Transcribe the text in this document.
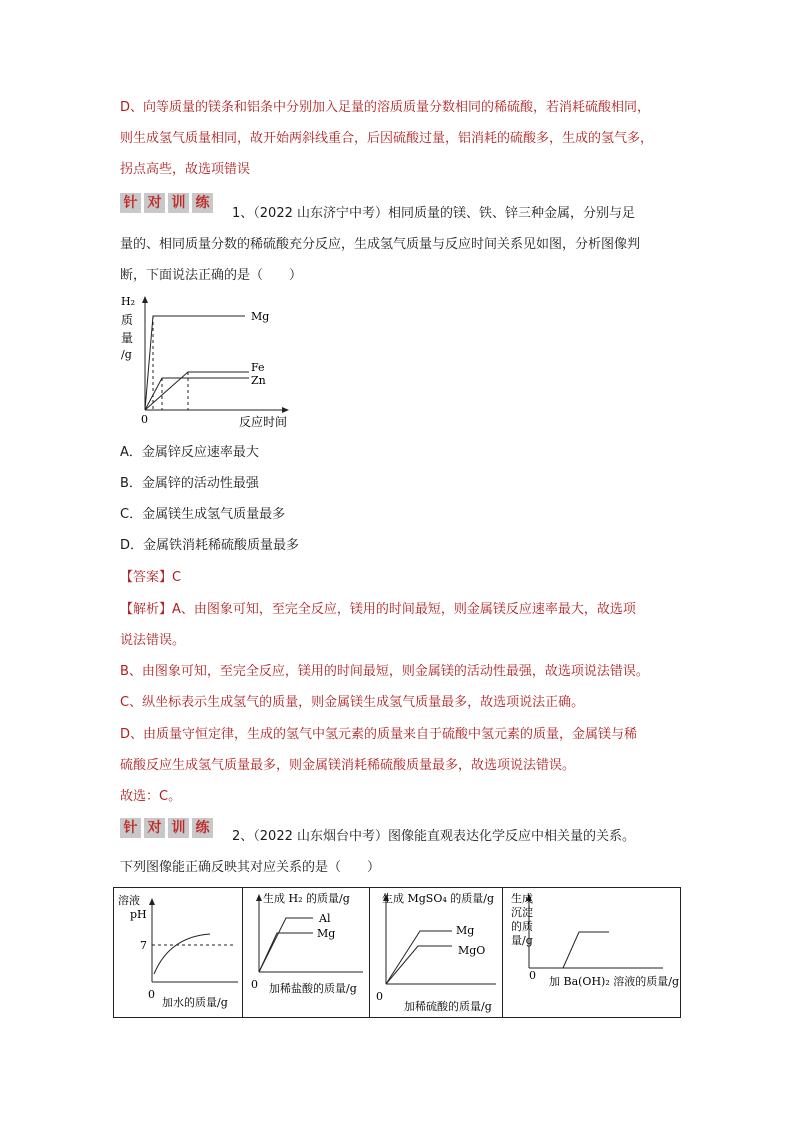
D、向等质量的镁条和铝条中分别加入足量的溶质质量分数相同的稀硫酸，若消耗硫酸相同，
则生成氢气质量相同，故开始两斜线重合，后因硫酸过量，铝消耗的硫酸多，生成的氢气多，
拐点高些，故选项错误
针 对 训 练
1、（2022 山东济宁中考）相同质量的镁、铁、锌三种金属，分别与足
量的、相同质量分数的稀硫酸充分反应，生成氢气质量与反应时间关系见如图，分析图像判
断，下面说法正确的是（　　）
H₂
质
量
/g
Mg
Fe
Zn
0	反应时间
A．金属锌反应速率最大
B．金属锌的活动性最强
C．金属镁生成氢气质量最多
D．金属铁消耗稀硫酸质量最多
【答案】C
【解析】A、由图象可知，至完全反应，镁用的时间最短，则金属镁反应速率最大，故选项
说法错误。
B、由图象可知，至完全反应，镁用的时间最短，则金属镁的活动性最强，故选项说法错误。
C、纵坐标表示生成氢气的质量，则金属镁生成氢气质量最多，故选项说法正确。
D、由质量守恒定律，生成的氢气中氢元素的质量来自于硫酸中氢元素的质量，金属镁与稀
硫酸反应生成氢气质量最多，则金属镁消耗稀硫酸质量最多，故选项说法错误。
故选：C。
针 对 训 练
2、（2022 山东烟台中考）图像能直观表达化学反应中相关量的关系。
下列图像能正确反映其对应关系的是（　　）
溶液
pH
7
0
加水的质量/g
生成 H₂ 的质量/g
Al
Mg
0 加稀盐酸的质量/g
生成 MgSO₄ 的质量/g
Mg
MgO
0
加稀硫酸的质量/g
生成
沉淀
的质
量/g
0 加 Ba(OH)₂ 溶液的质量/g
